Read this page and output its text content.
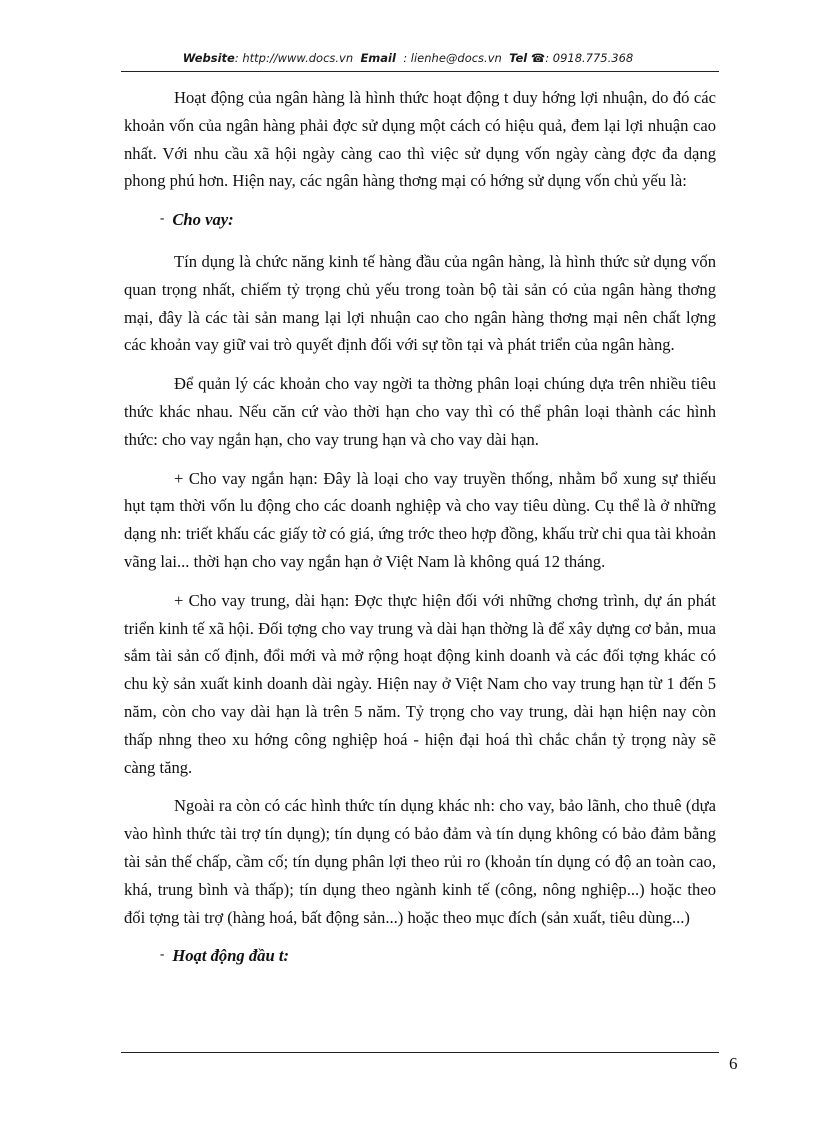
Website: http://www.docs.vn Email : lienhe@docs.vn Tel ☎: 0918.775.368

Hoạt động của ngân hàng là hình thức hoạt động t duy hớng lợi nhuận, do đó các khoản vốn của ngân hàng phải đợc sử dụng một cách có hiệu quả, đem lại lợi nhuận cao nhất. Với nhu cầu xã hội ngày càng cao thì việc sử dụng vốn ngày càng đợc đa dạng phong phú hơn. Hiện nay, các ngân hàng thơng mại có hớng sử dụng vốn chủ yếu là:

- Cho vay:

Tín dụng là chức năng kinh tế hàng đầu của ngân hàng, là hình thức sử dụng vốn quan trọng nhất, chiếm tỷ trọng chủ yếu trong toàn bộ tài sản có của ngân hàng thơng mại, đây là các tài sản mang lại lợi nhuận cao cho ngân hàng thơng mại nên chất lợng các khoản vay giữ vai trò quyết định đối với sự tồn tại và phát triển của ngân hàng.

Để quản lý các khoản cho vay ngời ta thờng phân loại chúng dựa trên nhiều tiêu thức khác nhau. Nếu căn cứ vào thời hạn cho vay thì có thể phân loại thành các hình thức: cho vay ngắn hạn, cho vay trung hạn và cho vay dài hạn.

+ Cho vay ngắn hạn: Đây là loại cho vay truyền thống, nhằm bổ xung sự thiếu hụt tạm thời vốn lu động cho các doanh nghiệp và cho vay tiêu dùng. Cụ thể là ở những dạng nh: triết khấu các giấy tờ có giá, ứng trớc theo hợp đồng, khấu trừ chi qua tài khoản vãng lai... thời hạn cho vay ngắn hạn ở Việt Nam là không quá 12 tháng.

+ Cho vay trung, dài hạn: Đợc thực hiện đối với những chơng trình, dự án phát triển kinh tế xã hội. Đối tợng cho vay trung và dài hạn thờng là để xây dựng cơ bản, mua sắm tài sản cố định, đổi mới và mở rộng hoạt động kinh doanh và các đối tợng khác có chu kỳ sản xuất kinh doanh dài ngày. Hiện nay ở Việt Nam cho vay trung hạn từ 1 đến 5 năm, còn cho vay dài hạn là trên 5 năm. Tỷ trọng cho vay trung, dài hạn hiện nay còn thấp nhng theo xu hớng công nghiệp hoá - hiện đại hoá thì chắc chắn tỷ trọng này sẽ càng tăng.

Ngoài ra còn có các hình thức tín dụng khác nh: cho vay, bảo lãnh, cho thuê (dựa vào hình thức tài trợ tín dụng); tín dụng có bảo đảm và tín dụng không có bảo đảm bằng tài sản thế chấp, cầm cố; tín dụng phân lợi theo rủi ro (khoản tín dụng có độ an toàn cao, khá, trung bình và thấp); tín dụng theo ngành kinh tế (công, nông nghiệp...) hoặc theo đối tợng tài trợ (hàng hoá, bất động sản...) hoặc theo mục đích (sản xuất, tiêu dùng...)

- Hoạt động đầu t:
6
